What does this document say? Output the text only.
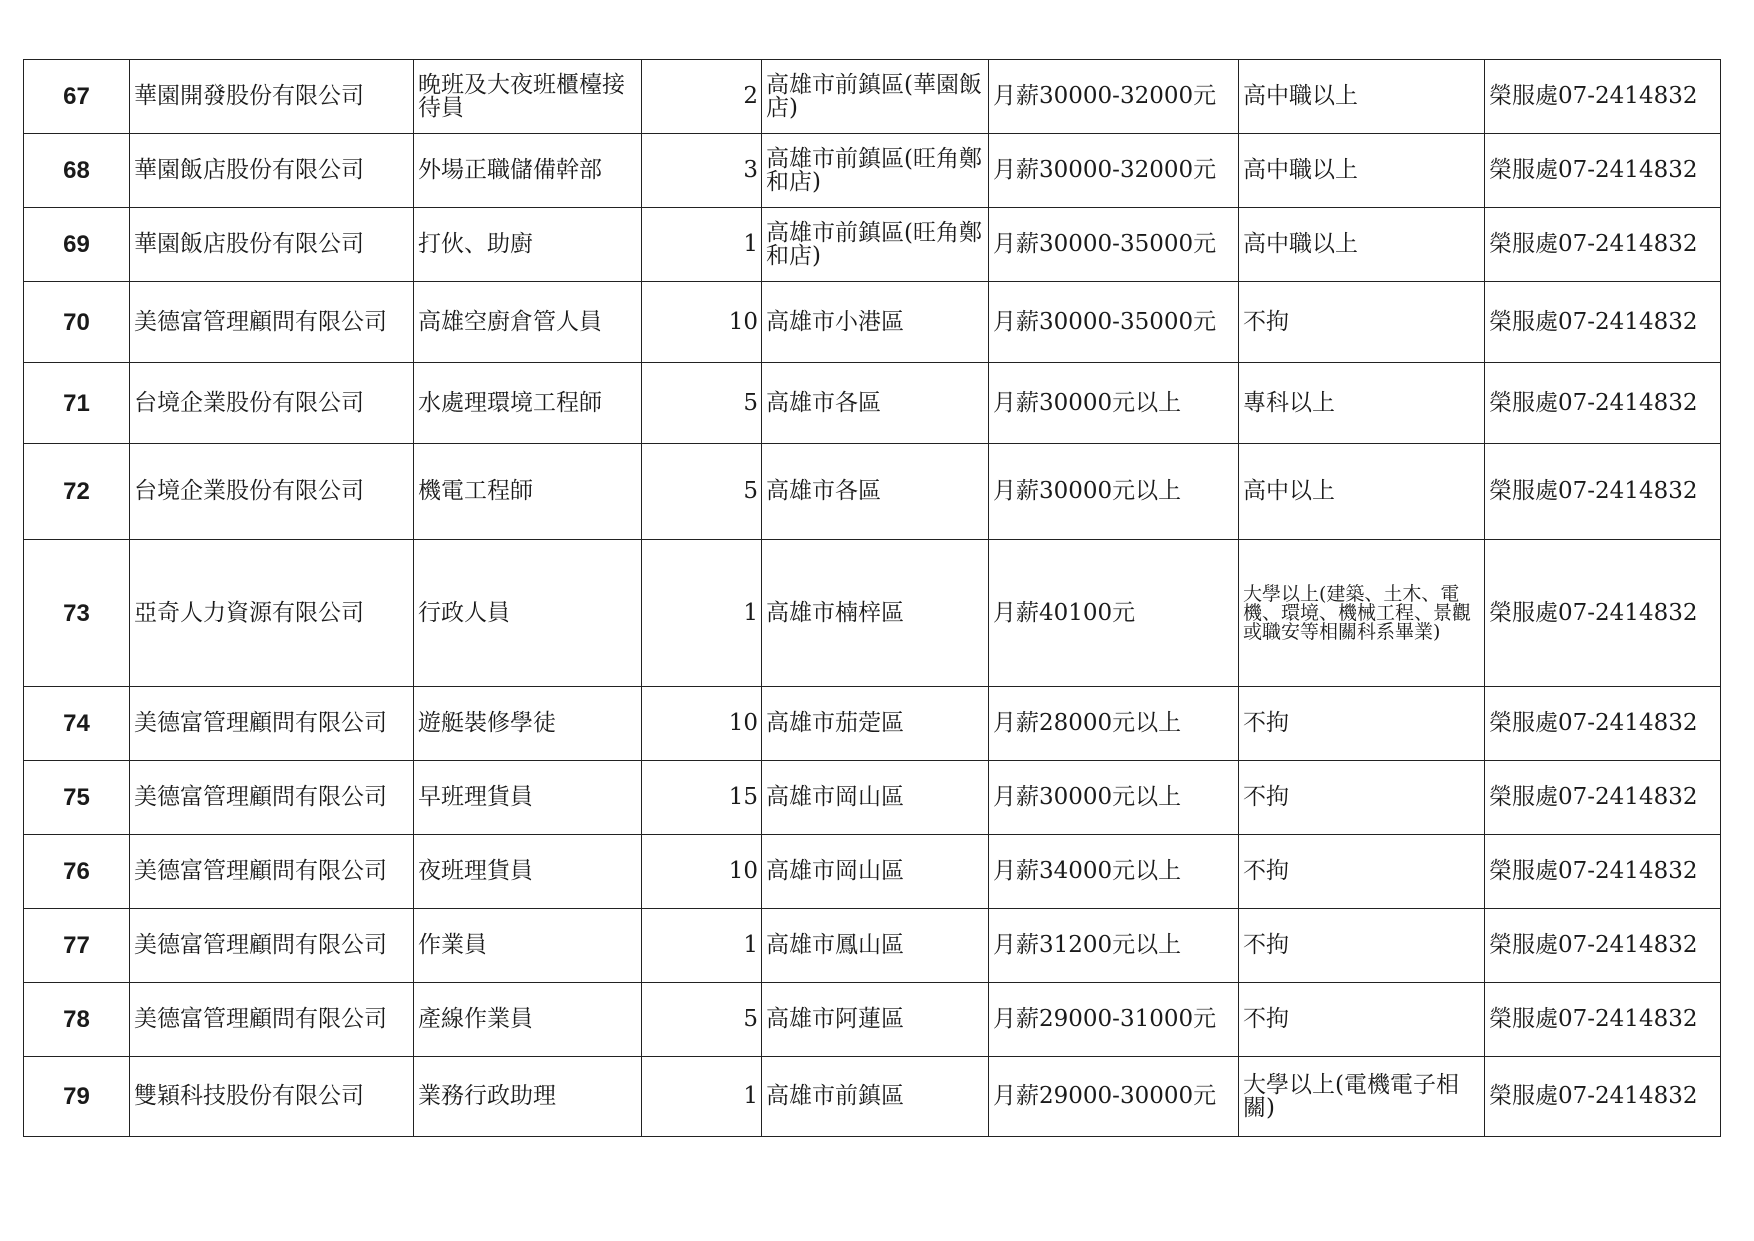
67	華園開發股份有限公司	晚班及大夜班櫃檯接待員	2	高雄市前鎮區(華園飯店)	月薪30000-32000元	高中職以上	榮服處07-2414832
68	華園飯店股份有限公司	外場正職儲備幹部	3	高雄市前鎮區(旺角鄭和店)	月薪30000-32000元	高中職以上	榮服處07-2414832
69	華園飯店股份有限公司	打伙、助廚	1	高雄市前鎮區(旺角鄭和店)	月薪30000-35000元	高中職以上	榮服處07-2414832
70	美德富管理顧問有限公司	高雄空廚倉管人員	10	高雄市小港區	月薪30000-35000元	不拘	榮服處07-2414832
71	台境企業股份有限公司	水處理環境工程師	5	高雄市各區	月薪30000元以上	專科以上	榮服處07-2414832
72	台境企業股份有限公司	機電工程師	5	高雄市各區	月薪30000元以上	高中以上	榮服處07-2414832
73	亞奇人力資源有限公司	行政人員	1	高雄市楠梓區	月薪40100元	大學以上(建築、土木、電機、環境、機械工程、景觀或職安等相關科系畢業)	榮服處07-2414832
74	美德富管理顧問有限公司	遊艇裝修學徒	10	高雄市茄萣區	月薪28000元以上	不拘	榮服處07-2414832
75	美德富管理顧問有限公司	早班理貨員	15	高雄市岡山區	月薪30000元以上	不拘	榮服處07-2414832
76	美德富管理顧問有限公司	夜班理貨員	10	高雄市岡山區	月薪34000元以上	不拘	榮服處07-2414832
77	美德富管理顧問有限公司	作業員	1	高雄市鳳山區	月薪31200元以上	不拘	榮服處07-2414832
78	美德富管理顧問有限公司	產線作業員	5	高雄市阿蓮區	月薪29000-31000元	不拘	榮服處07-2414832
79	雙穎科技股份有限公司	業務行政助理	1	高雄市前鎮區	月薪29000-30000元	大學以上(電機電子相關)	榮服處07-2414832
